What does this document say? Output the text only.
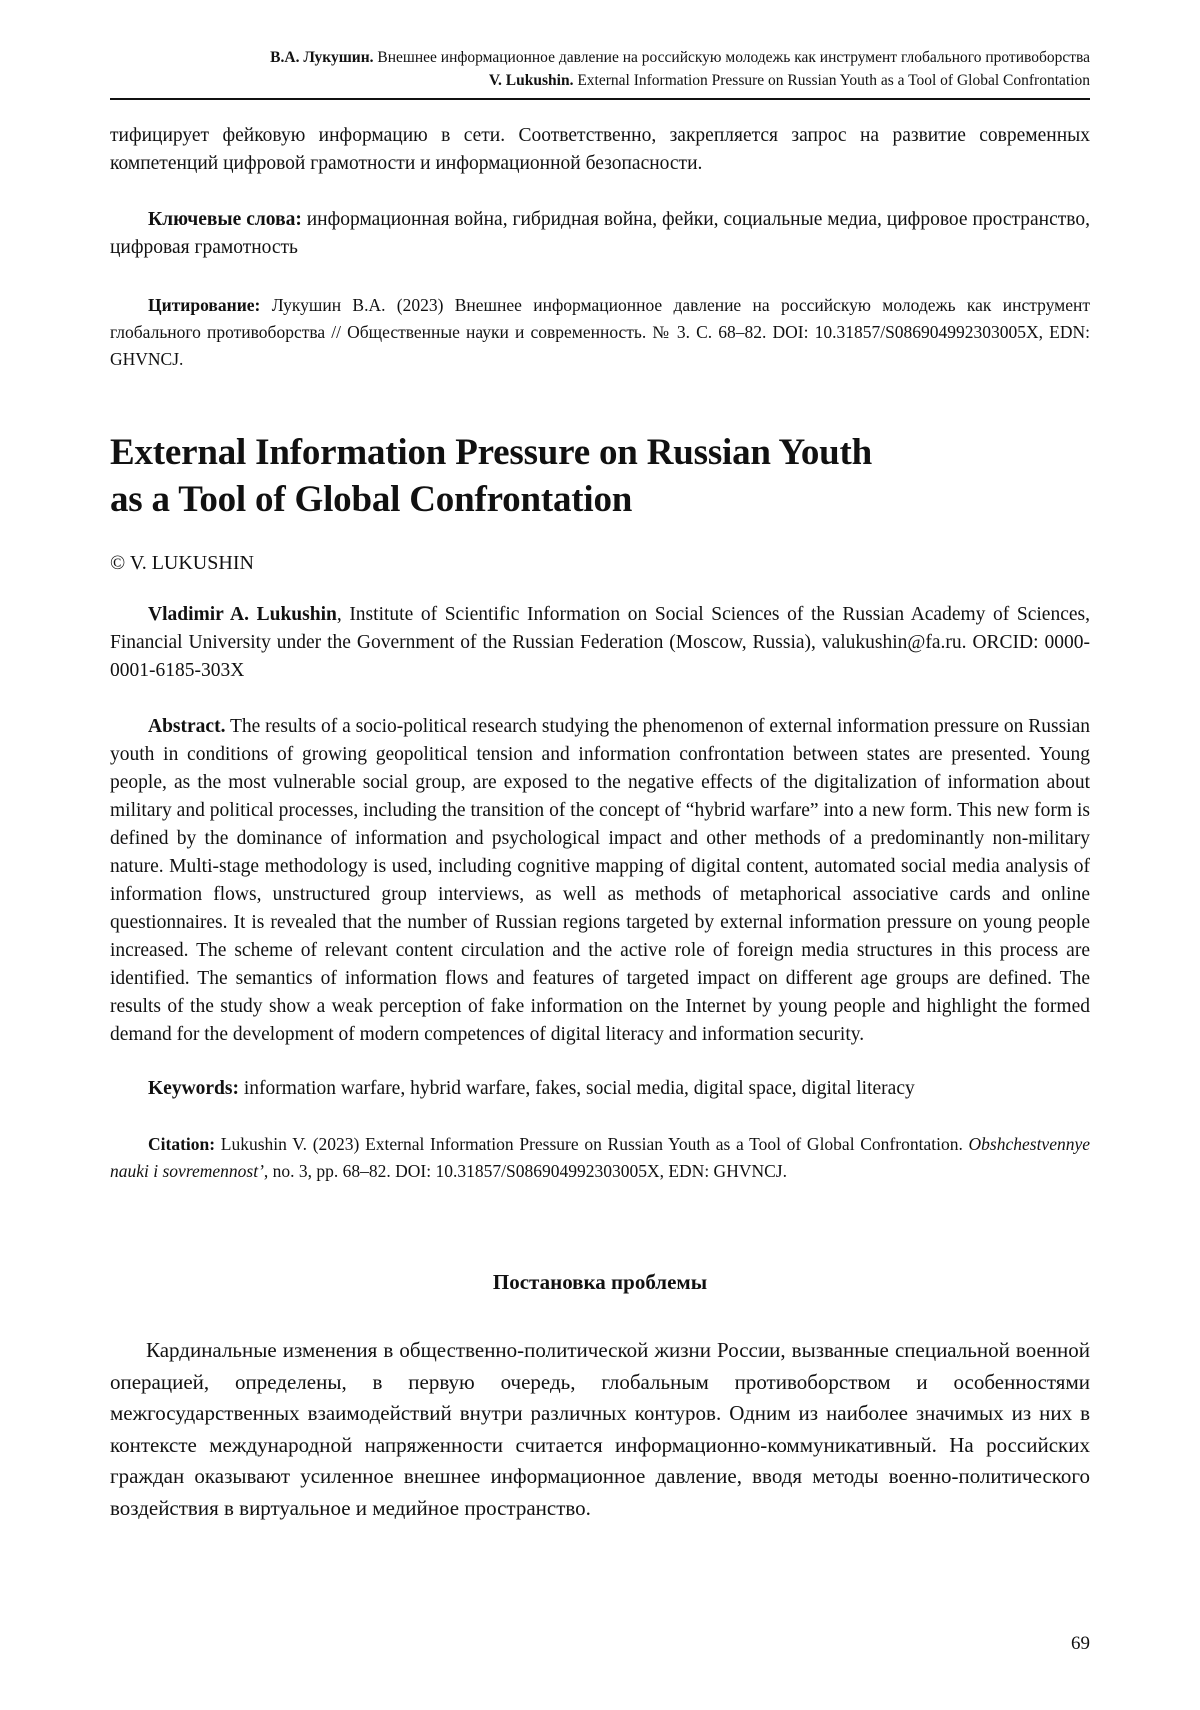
В.А. Лукушин. Внешнее информационное давление на российскую молодежь как инструмент глобального противоборства
V. Lukushin. External Information Pressure on Russian Youth as a Tool of Global Confrontation

тифицирует фейковую информацию в сети. Соответственно, закрепляется запрос на развитие современных компетенций цифровой грамотности и информационной безопасности.

Ключевые слова: информационная война, гибридная война, фейки, социальные медиа, цифровое пространство, цифровая грамотность

Цитирование: Лукушин В.А. (2023) Внешнее информационное давление на российскую молодежь как инструмент глобального противоборства // Общественные науки и современность. № 3. С. 68–82. DOI: 10.31857/S086904992303005X, EDN: GHVNCJ.

External Information Pressure on Russian Youth
as a Tool of Global Confrontation
© V. LUKUSHIN

Vladimir A. Lukushin, Institute of Scientific Information on Social Sciences of the Russian Academy of Sciences, Financial University under the Government of the Russian Federation (Moscow, Russia), valukushin@fa.ru. ORCID: 0000-0001-6185-303X

Abstract. The results of a socio-political research studying the phenomenon of external information pressure on Russian youth in conditions of growing geopolitical tension and information confrontation between states are presented. Young people, as the most vulnerable social group, are exposed to the negative effects of the digitalization of information about military and political processes, including the transition of the concept of “hybrid warfare” into a new form. This new form is defined by the dominance of information and psychological impact and other methods of a predominantly non-military nature. Multi-stage methodology is used, including cognitive mapping of digital content, automated social media analysis of information flows, unstructured group interviews, as well as methods of metaphorical associative cards and online questionnaires. It is revealed that the number of Russian regions targeted by external information pressure on young people increased. The scheme of relevant content circulation and the active role of foreign media structures in this process are identified. The semantics of information flows and features of targeted impact on different age groups are defined. The results of the study show a weak perception of fake information on the Internet by young people and highlight the formed demand for the development of modern competences of digital literacy and information security.

Keywords: information warfare, hybrid warfare, fakes, social media, digital space, digital literacy

Citation: Lukushin V. (2023) External Information Pressure on Russian Youth as a Tool of Global Confrontation. Obshchestvennye nauki i sovremennost’, no. 3, pp. 68–82. DOI: 10.31857/S086904992303005X, EDN: GHVNCJ.

Постановка проблемы

Кардинальные изменения в общественно-политической жизни России, вызванные специальной военной операцией, определены, в первую очередь, глобальным противоборством и особенностями межгосударственных взаимодействий внутри различных контуров. Одним из наиболее значимых из них в контексте международной напряженности считается информационно-коммуникативный. На российских граждан оказывают усиленное внешнее информационное давление, вводя методы военно-политического воздействия в виртуальное и медийное пространство.

69
